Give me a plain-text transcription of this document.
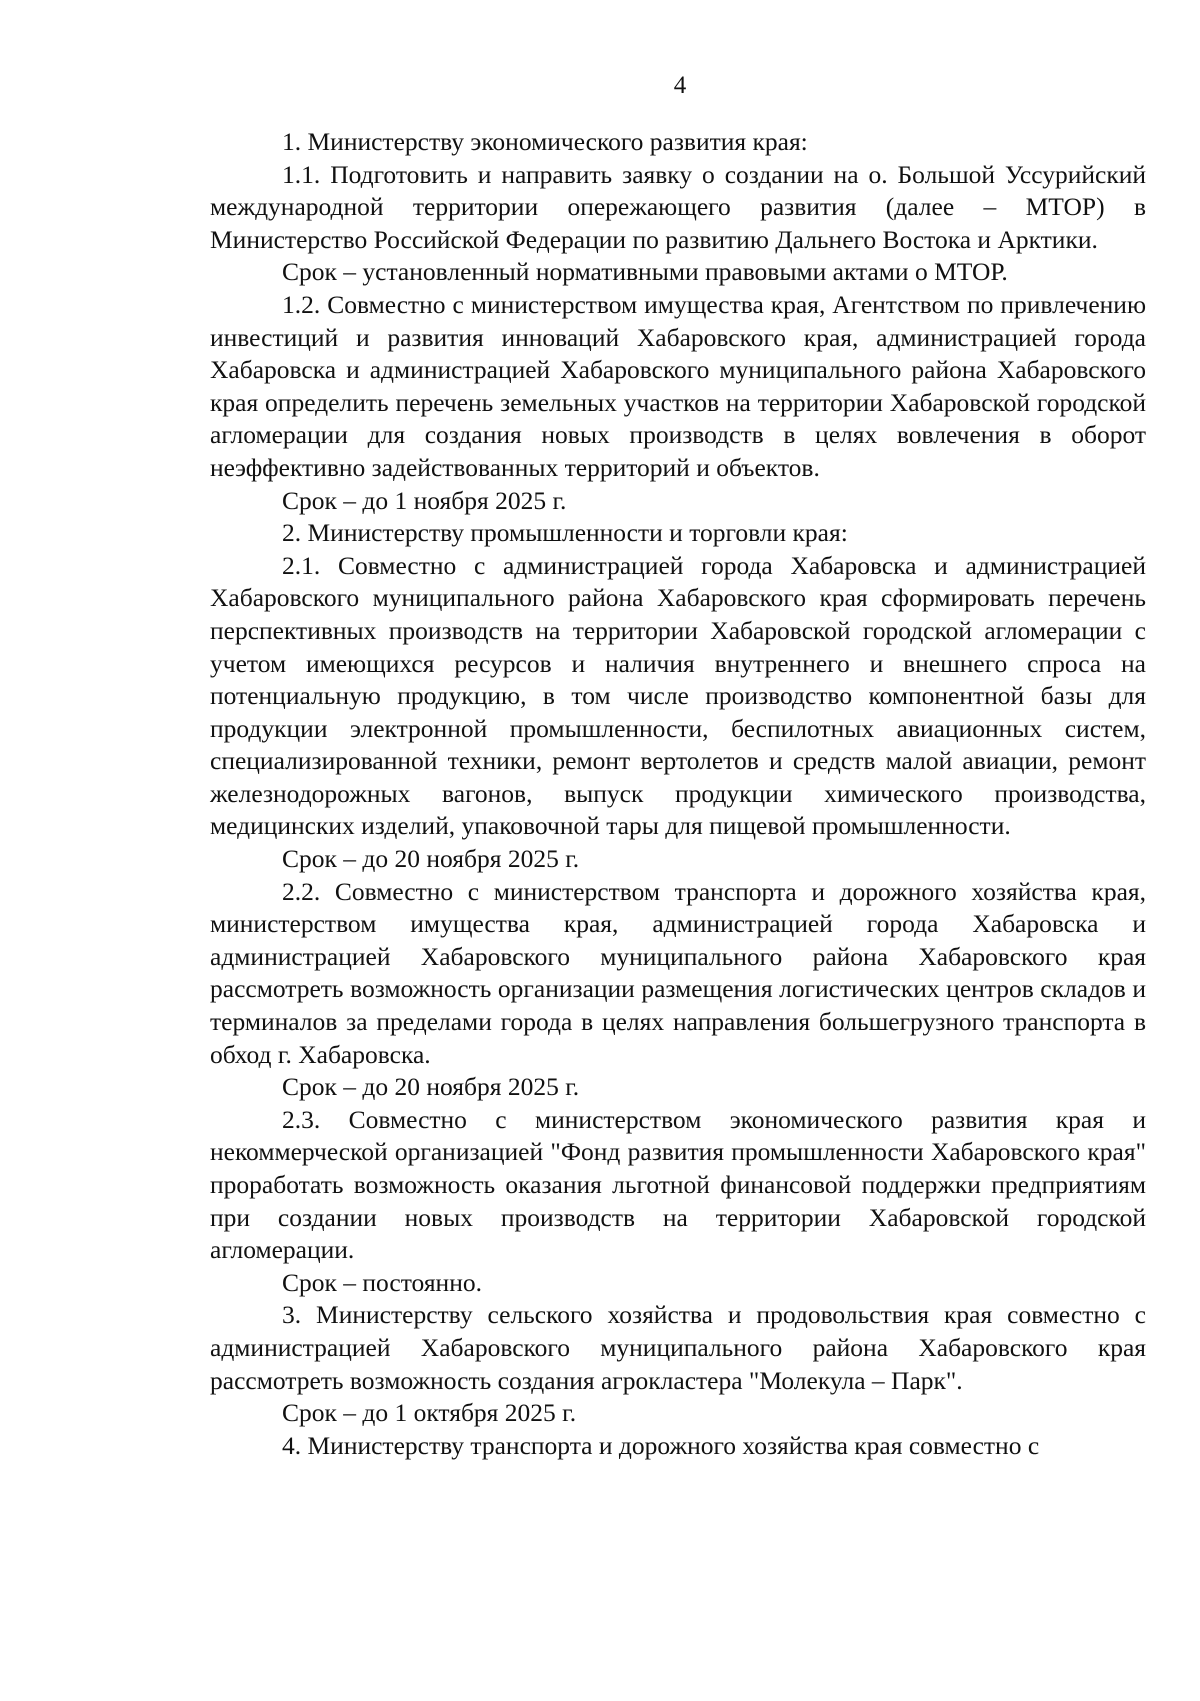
4

1. Министерству экономического развития края:

1.1. Подготовить и направить заявку о создании на о. Большой Уссурийский международной территории опережающего развития (далее – МТОР) в Министерство Российской Федерации по развитию Дальнего Востока и Арктики.

Срок – установленный нормативными правовыми актами о МТОР.

1.2. Совместно с министерством имущества края, Агентством по привлечению инвестиций и развития инноваций Хабаровского края, администрацией города Хабаровска и администрацией Хабаровского муниципального района Хабаровского края определить перечень земельных участков на территории Хабаровской городской агломерации для создания новых производств в целях вовлечения в оборот неэффективно задействованных территорий и объектов.

Срок – до 1 ноября 2025 г.

2. Министерству промышленности и торговли края:

2.1. Совместно с администрацией города Хабаровска и администрацией Хабаровского муниципального района Хабаровского края сформировать перечень перспективных производств на территории Хабаровской городской агломерации с учетом имеющихся ресурсов и наличия внутреннего и внешнего спроса на потенциальную продукцию, в том числе производство компонентной базы для продукции электронной промышленности, беспилотных авиационных систем, специализированной техники, ремонт вертолетов и средств малой авиации, ремонт железнодорожных вагонов, выпуск продукции химического производства, медицинских изделий, упаковочной тары для пищевой промышленности.

Срок – до 20 ноября 2025 г.

2.2. Совместно с министерством транспорта и дорожного хозяйства края, министерством имущества края, администрацией города Хабаровска и администрацией Хабаровского муниципального района Хабаровского края рассмотреть возможность организации размещения логистических центров складов и терминалов за пределами города в целях направления большегрузного транспорта в обход г. Хабаровска.

Срок – до 20 ноября 2025 г.

2.3. Совместно с министерством экономического развития края и некоммерческой организацией "Фонд развития промышленности Хабаровского края" проработать возможность оказания льготной финансовой поддержки предприятиям при создании новых производств на территории Хабаровской городской агломерации.

Срок – постоянно.

3. Министерству сельского хозяйства и продовольствия края совместно с администрацией Хабаровского муниципального района Хабаровского края рассмотреть возможность создания агрокластера "Молекула – Парк".

Срок – до 1 октября 2025 г.

4. Министерству транспорта и дорожного хозяйства края совместно с
